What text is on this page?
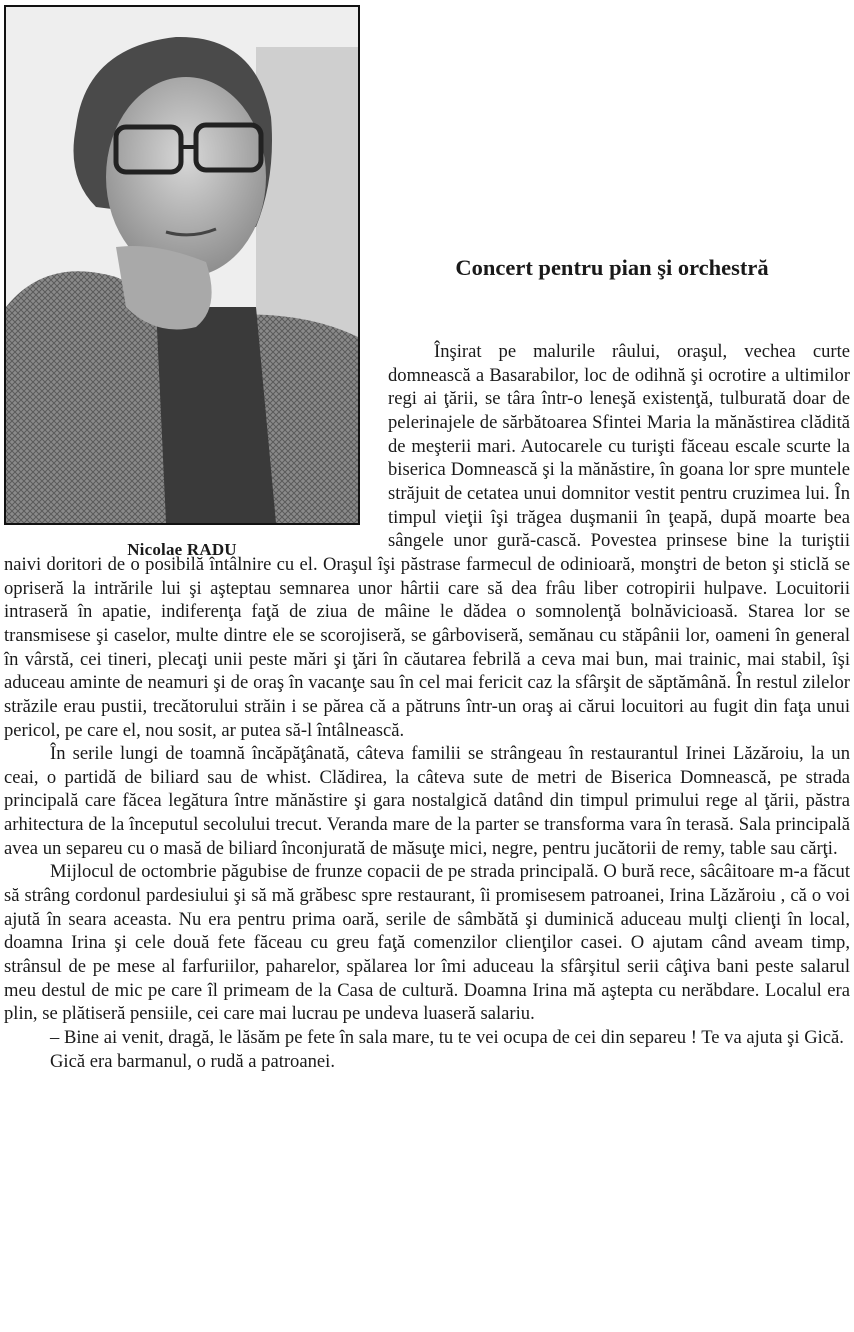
Nicolae RADU
Concert pentru pian şi orchestră

Înşirat pe malurile râului, oraşul, vechea curte domnească a Basarabilor, loc de odihnă şi ocrotire a ultimilor regi ai ţării, se târa într-o leneşă existenţă, tulburată doar de pelerinajele de sărbătoarea Sfintei Maria la mănăstirea clădită de meşterii mari. Autocarele cu turişti făceau escale scurte la biserica Domnească şi la mănăstire, în goana lor spre muntele străjuit de cetatea unui domnitor vestit pentru cruzimea lui. În timpul vieţii îşi trăgea duşmanii în ţeapă, după moarte bea sângele unor gură-cască. Povestea prinsese bine la turiştii naivi doritori de o posibilă întâlnire cu el. Oraşul îşi păstrase farmecul de odinioară, monştri de beton şi sticlă se opriseră la intrările lui şi aşteptau semnarea unor hârtii care să dea frâu liber cotropirii hulpave. Locuitorii intraseră în apatie, indiferenţa faţă de ziua de mâine le dădea o somnolenţă bolnăvicioasă. Starea lor se transmisese şi caselor, multe dintre ele se scorojiseră, se gârboviseră, semănau cu stăpânii lor, oameni în general în vârstă, cei tineri, plecaţi unii peste mări şi ţări în căutarea febrilă a ceva mai bun, mai trainic, mai stabil, îşi aduceau aminte de neamuri şi de oraş în vacanţe sau în cel mai fericit caz la sfârşit de săptămână. În restul zilelor străzile erau pustii, trecătorului străin i se părea că a pătruns într-un oraş ai cărui locuitori au fugit din faţa unui pericol, pe care el, nou sosit, ar putea să-l întâlnească.

În serile lungi de toamnă încăpăţânată, câteva familii se strângeau în restaurantul Irinei Lăzăroiu, la un ceai, o partidă de biliard sau de whist. Clădirea, la câteva sute de metri de Biserica Domnească, pe strada principală care făcea legătura între mănăstire şi gara nostalgică datând din timpul primului rege al ţării, păstra arhitectura de la începutul secolului trecut. Veranda mare de la parter se transforma vara în terasă. Sala principală avea un separeu cu o masă de biliard înconjurată de măsuţe mici, negre, pentru jucătorii de remy, table sau cărţi.

Mijlocul de octombrie păgubise de frunze copacii de pe strada principală. O bură rece, sâcâitoare m-a făcut să strâng cordonul pardesiului şi să mă grăbesc spre restaurant, îi promisesem patroanei, Irina Lăzăroiu , că o voi ajută în seara aceasta. Nu era pentru prima oară, serile de sâmbătă şi duminică aduceau mulţi clienţi în local, doamna Irina şi cele două fete făceau cu greu faţă comenzilor clienţilor casei. O ajutam când aveam timp, strânsul de pe mese al farfuriilor, paharelor, spălarea lor îmi aduceau la sfârşitul serii câţiva bani peste salarul meu destul de mic pe care îl primeam de la Casa de cultură. Doamna Irina mă aştepta cu nerăbdare. Localul era plin, se plătiseră pensiile, cei care mai lucrau pe undeva luaseră salariu.

– Bine ai venit, dragă, le lăsăm pe fete în sala mare, tu te vei ocupa de cei din separeu ! Te va ajuta şi Gică.

Gică era barmanul, o rudă a patroanei.
